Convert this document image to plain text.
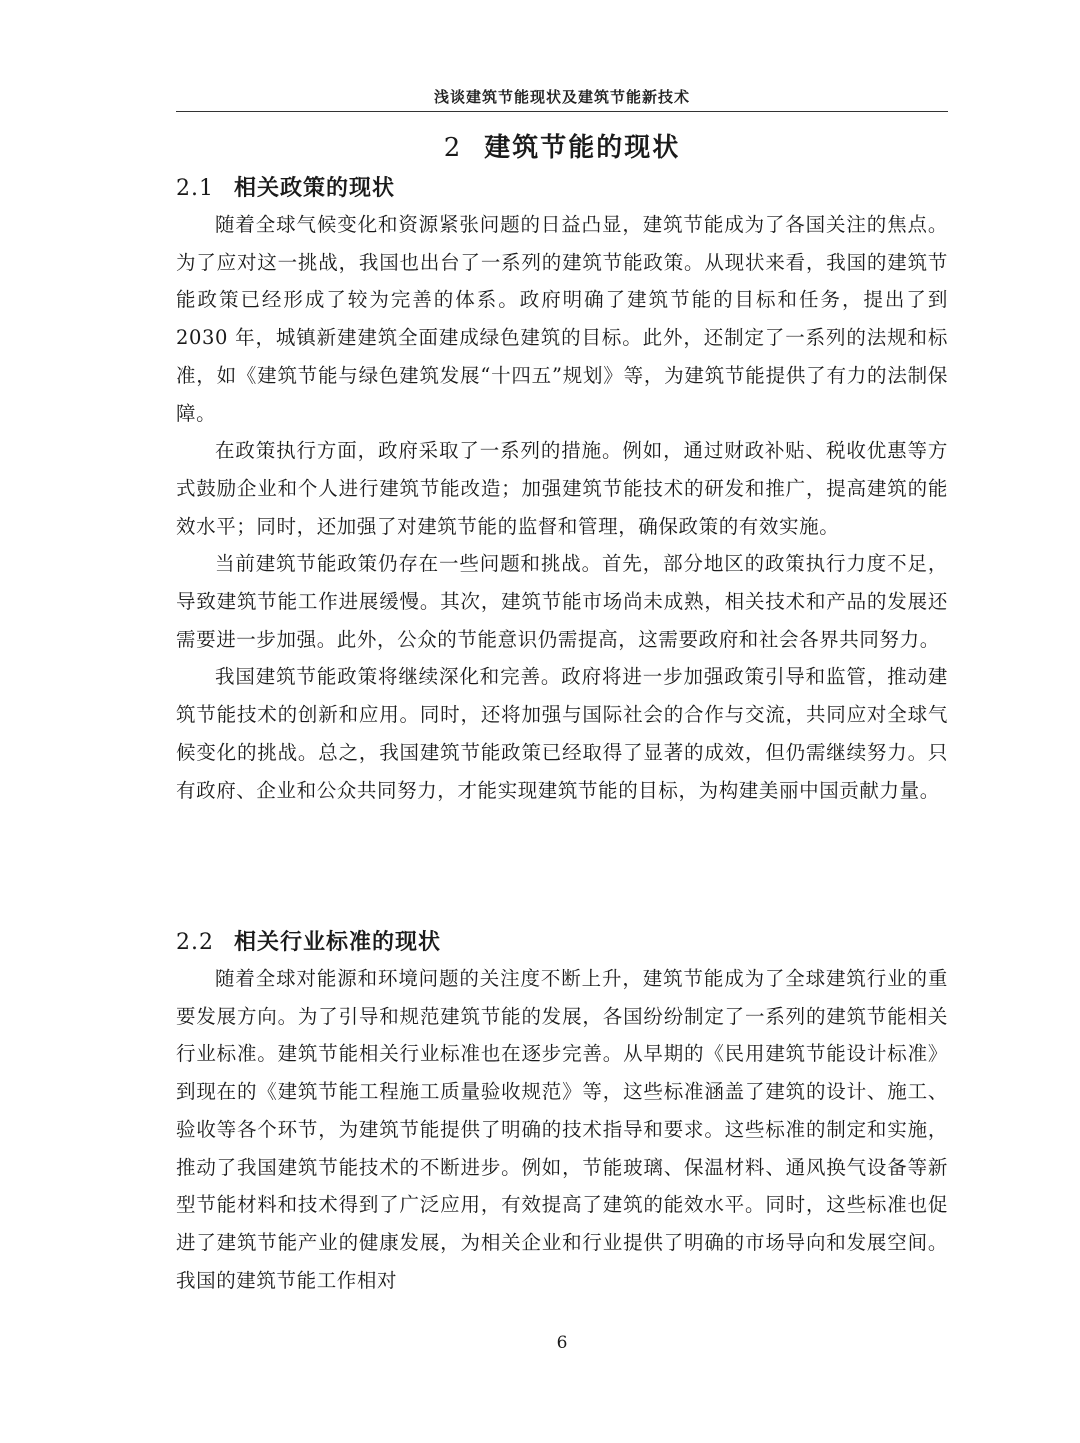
浅谈建筑节能现状及建筑节能新技术
2 建筑节能的现状
2.1 相关政策的现状

随着全球气候变化和资源紧张问题的日益凸显，建筑节能成为了各国关注的焦点。为了应对这一挑战，我国也出台了一系列的建筑节能政策。从现状来看，我国的建筑节能政策已经形成了较为完善的体系。政府明确了建筑节能的目标和任务，提出了到 2030 年，城镇新建建筑全面建成绿色建筑的目标。此外，还制定了一系列的法规和标准，如《建筑节能与绿色建筑发展“十四五”规划》等，为建筑节能提供了有力的法制保障。

在政策执行方面，政府采取了一系列的措施。例如，通过财政补贴、税收优惠等方式鼓励企业和个人进行建筑节能改造；加强建筑节能技术的研发和推广，提高建筑的能效水平；同时，还加强了对建筑节能的监督和管理，确保政策的有效实施。

当前建筑节能政策仍存在一些问题和挑战。首先，部分地区的政策执行力度不足，导致建筑节能工作进展缓慢。其次，建筑节能市场尚未成熟，相关技术和产品的发展还需要进一步加强。此外，公众的节能意识仍需提高，这需要政府和社会各界共同努力。

我国建筑节能政策将继续深化和完善。政府将进一步加强政策引导和监管，推动建筑节能技术的创新和应用。同时，还将加强与国际社会的合作与交流，共同应对全球气候变化的挑战。总之，我国建筑节能政策已经取得了显著的成效，但仍需继续努力。只有政府、企业和公众共同努力，才能实现建筑节能的目标，为构建美丽中国贡献力量。

2.2 相关行业标准的现状

随着全球对能源和环境问题的关注度不断上升，建筑节能成为了全球建筑行业的重要发展方向。为了引导和规范建筑节能的发展，各国纷纷制定了一系列的建筑节能相关行业标准。建筑节能相关行业标准也在逐步完善。从早期的《民用建筑节能设计标准》到现在的《建筑节能工程施工质量验收规范》等，这些标准涵盖了建筑的设计、施工、验收等各个环节，为建筑节能提供了明确的技术指导和要求。这些标准的制定和实施，推动了我国建筑节能技术的不断进步。例如，节能玻璃、保温材料、通风换气设备等新型节能材料和技术得到了广泛应用，有效提高了建筑的能效水平。同时，这些标准也促进了建筑节能产业的健康发展，为相关企业和行业提供了明确的市场导向和发展空间。我国的建筑节能工作相对

6
